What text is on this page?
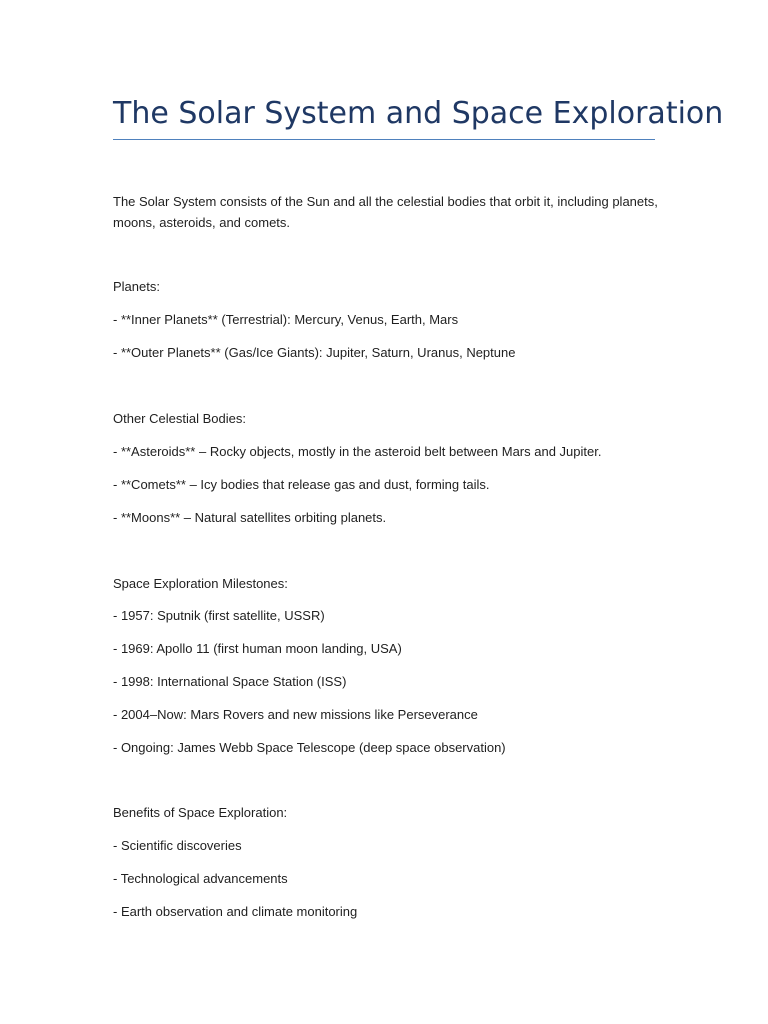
The Solar System and Space Exploration

The Solar System consists of the Sun and all the celestial bodies that orbit it, including planets,
moons, asteroids, and comets.

Planets:

- **Inner Planets** (Terrestrial): Mercury, Venus, Earth, Mars

- **Outer Planets** (Gas/Ice Giants): Jupiter, Saturn, Uranus, Neptune

Other Celestial Bodies:

- **Asteroids** – Rocky objects, mostly in the asteroid belt between Mars and Jupiter.

- **Comets** – Icy bodies that release gas and dust, forming tails.

- **Moons** – Natural satellites orbiting planets.

Space Exploration Milestones:

- 1957: Sputnik (first satellite, USSR)

- 1969: Apollo 11 (first human moon landing, USA)

- 1998: International Space Station (ISS)

- 2004–Now: Mars Rovers and new missions like Perseverance

- Ongoing: James Webb Space Telescope (deep space observation)

Benefits of Space Exploration:

- Scientific discoveries

- Technological advancements

- Earth observation and climate monitoring
